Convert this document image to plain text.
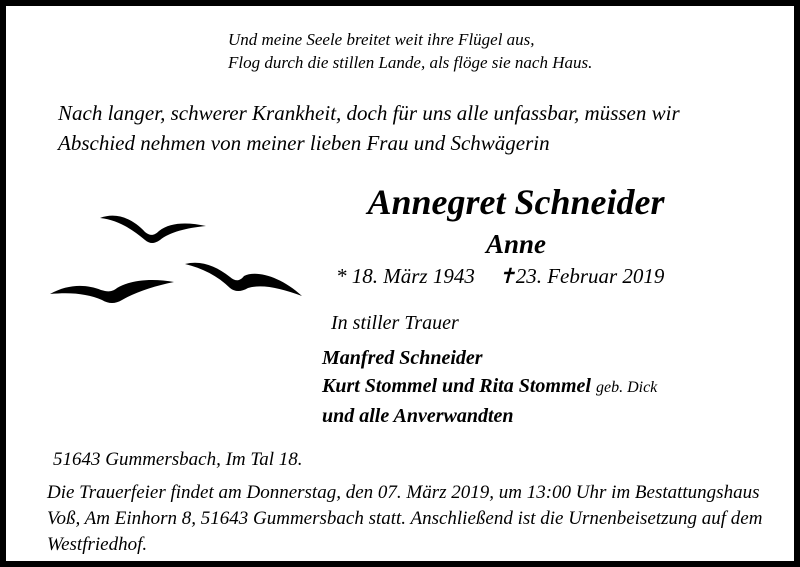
Und meine Seele breitet weit ihre Flügel aus,
Flog durch die stillen Lande, als flöge sie nach Haus.
Nach langer, schwerer Krankheit, doch für uns alle unfassbar, müssen wir
Abschied nehmen von meiner lieben Frau und Schwägerin
Annegret Schneider
Anne
* 18. März 1943 ✝23. Februar 2019
In stiller Trauer
Manfred Schneider
Kurt Stommel und Rita Stommel geb. Dick
und alle Anverwandten
51643 Gummersbach, Im Tal 18.
Die Trauerfeier findet am Donnerstag, den 07. März 2019, um 13:00 Uhr im Bestattungshaus Voß, Am Einhorn 8, 51643 Gummersbach statt. Anschließend ist die Urnenbeisetzung auf dem Westfriedhof.
